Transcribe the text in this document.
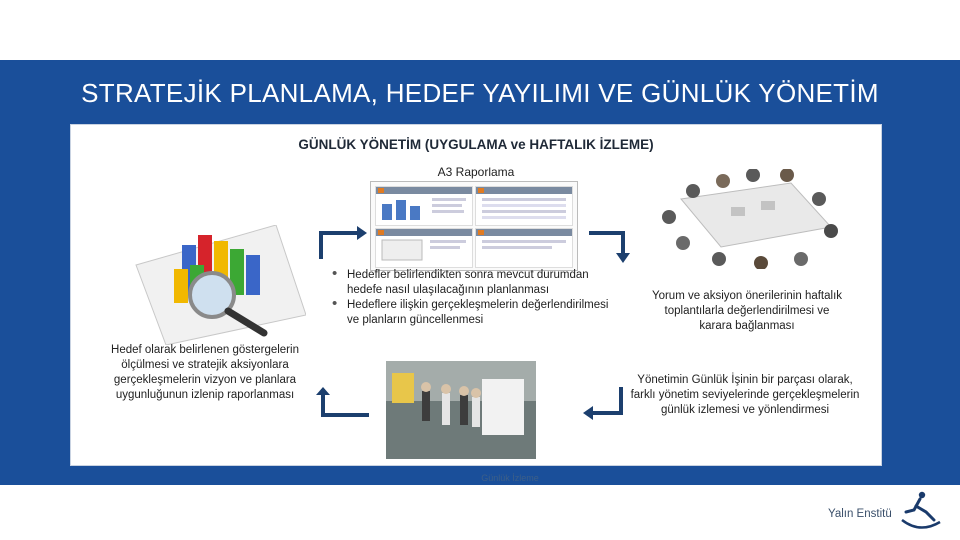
STRATEJİK PLANLAMA, HEDEF YAYILIMI VE GÜNLÜK YÖNETİM
GÜNLÜK YÖNETİM (UYGULAMA ve HAFTALIK İZLEME)
A3 Raporlama
Hedef olarak belirlenen göstergelerin ölçülmesi ve stratejik aksiyonlara gerçekleşmelerin vizyon ve planlara uygunluğunun izlenip raporlanması
• Hedefler belirlendikten sonra mevcut durumdan hedefe nasıl ulaşılacağının planlanması
• Hedeflere ilişkin gerçekleşmelerin değerlendirilmesi ve planların güncellenmesi
Yorum ve aksiyon önerilerinin haftalık toplantılarla değerlendirilmesi ve karara bağlanması
Yönetimin Günlük İşinin bir parçası olarak, farklı yönetim seviyelerinde gerçekleşmelerin günlük izlemesi ve yönlendirmesi
Günlük İzleme
Yalın Enstitü
